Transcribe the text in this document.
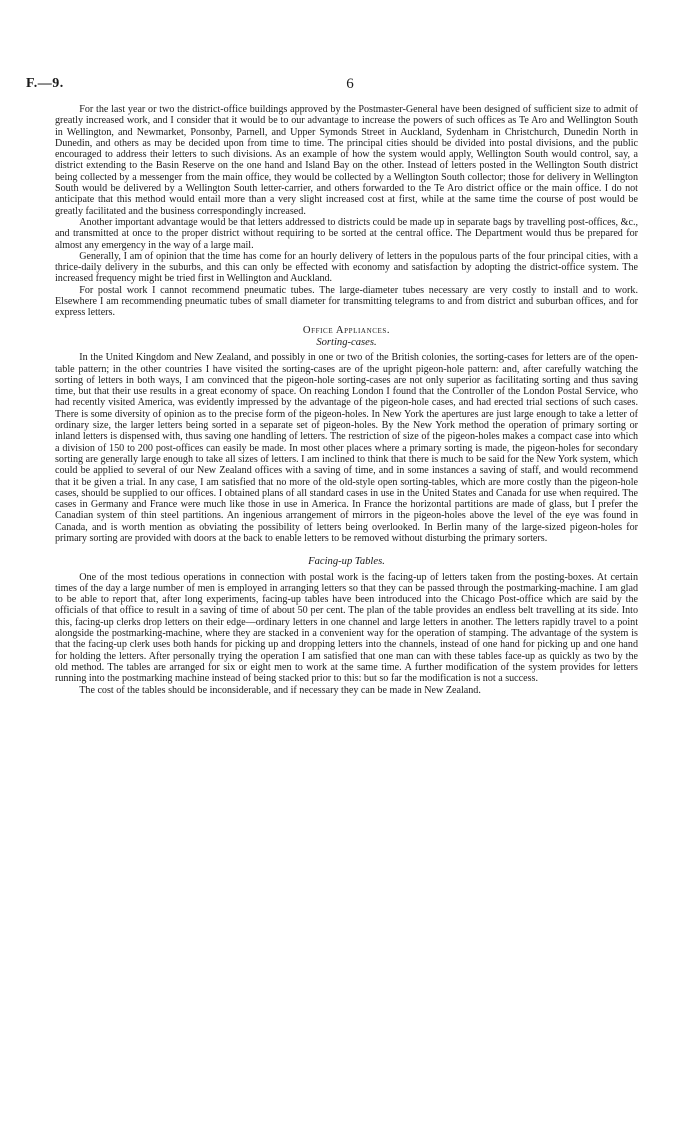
F.—9.	6

For the last year or two the district-office buildings approved by the Postmaster-General have been designed of sufficient size to admit of greatly increased work, and I consider that it would be to our advantage to increase the powers of such offices as Te Aro and Wellington South in Wellington, and Newmarket, Ponsonby, Parnell, and Upper Symonds Street in Auckland, Sydenham in Christchurch, Dunedin North in Dunedin, and others as may be decided upon from time to time. The principal cities should be divided into postal divisions, and the public encouraged to address their letters to such divisions. As an example of how the system would apply, Wellington South would control, say, a district extending to the Basin Reserve on the one hand and Island Bay on the other. Instead of letters posted in the Wellington South district being collected by a messenger from the main office, they would be collected by a Wellington South collector; those for delivery in Wellington South would be delivered by a Wellington South letter-carrier, and others forwarded to the Te Aro district office or the main office. I do not anticipate that this method would entail more than a very slight increased cost at first, while at the same time the course of post would be greatly facilitated and the business correspondingly increased.

Another important advantage would be that letters addressed to districts could be made up in separate bags by travelling post-offices, &c., and transmitted at once to the proper district without requiring to be sorted at the central office. The Department would thus be prepared for almost any emergency in the way of a large mail.

Generally, I am of opinion that the time has come for an hourly delivery of letters in the populous parts of the four principal cities, with a thrice-daily delivery in the suburbs, and this can only be effected with economy and satisfaction by adopting the district-office system. The increased frequency might be tried first in Wellington and Auckland.

For postal work I cannot recommend pneumatic tubes. The large-diameter tubes necessary are very costly to install and to work. Elsewhere I am recommending pneumatic tubes of small diameter for transmitting telegrams to and from district and suburban offices, and for express letters.

Office Appliances.
Sorting-cases.

In the United Kingdom and New Zealand, and possibly in one or two of the British colonies, the sorting-cases for letters are of the open-table pattern; in the other countries I have visited the sorting-cases are of the upright pigeon-hole pattern: and, after carefully watching the sorting of letters in both ways, I am convinced that the pigeon-hole sorting-cases are not only superior as facilitating sorting and thus saving time, but that their use results in a great economy of space. On reaching London I found that the Controller of the London Postal Service, who had recently visited America, was evidently impressed by the advantage of the pigeon-hole cases, and had erected trial sections of such cases. There is some diversity of opinion as to the precise form of the pigeon-holes. In New York the apertures are just large enough to take a letter of ordinary size, the larger letters being sorted in a separate set of pigeon-holes. By the New York method the operation of primary sorting or inland letters is dispensed with, thus saving one handling of letters. The restriction of size of the pigeon-holes makes a compact case into which a division of 150 to 200 post-offices can easily be made. In most other places where a primary sorting is made, the pigeon-holes for secondary sorting are generally large enough to take all sizes of letters. I am inclined to think that there is much to be said for the New York system, which could be applied to several of our New Zealand offices with a saving of time, and in some instances a saving of staff, and would recommend that it be given a trial. In any case, I am satisfied that no more of the old-style open sorting-tables, which are more costly than the pigeon-hole cases, should be supplied to our offices. I obtained plans of all standard cases in use in the United States and Canada for use when required. The cases in Germany and France were much like those in use in America. In France the horizontal partitions are made of glass, but I prefer the Canadian system of thin steel partitions. An ingenious arrangement of mirrors in the pigeon-holes above the level of the eye was found in Canada, and is worth mention as obviating the possibility of letters being overlooked. In Berlin many of the large-sized pigeon-holes for primary sorting are provided with doors at the back to enable letters to be removed without disturbing the primary sorters.

Facing-up Tables.

One of the most tedious operations in connection with postal work is the facing-up of letters taken from the posting-boxes. At certain times of the day a large number of men is employed in arranging letters so that they can be passed through the postmarking-machine. I am glad to be able to report that, after long experiments, facing-up tables have been introduced into the Chicago Post-office which are said by the officials of that office to result in a saving of time of about 50 per cent. The plan of the table provides an endless belt travelling at its side. Into this, facing-up clerks drop letters on their edge—ordinary letters in one channel and large letters in another. The letters rapidly travel to a point alongside the postmarking-machine, where they are stacked in a convenient way for the operation of stamping. The advantage of the system is that the facing-up clerk uses both hands for picking up and dropping letters into the channels, instead of one hand for picking up and one hand for holding the letters. After personally trying the operation I am satisfied that one man can with these tables face-up as quickly as two by the old method. The tables are arranged for six or eight men to work at the same time. A further modification of the system provides for letters running into the postmarking machine instead of being stacked prior to this: but so far the modification is not a success.

The cost of the tables should be inconsiderable, and if necessary they can be made in New Zealand.
